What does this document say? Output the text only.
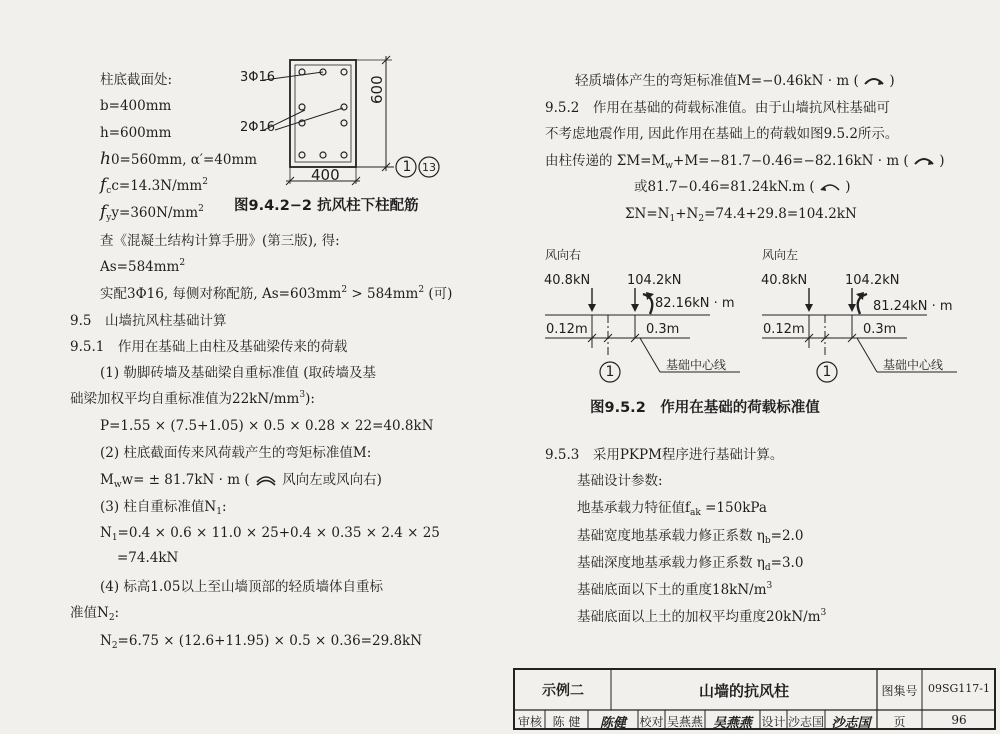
柱底截面处:
b=400mm
h=600mm
h0=560mm, α′=40mm
$f_cc=14.3N/mm^2$
$f_yy=360N/mm^2$
查《混凝土结构计算手册》(第三版), 得:
$As=584mm^2$
实配3Φ16, 每侧对称配筋, $As=603mm^2 > 584mm^2$ (可)
9.5　山墙抗风柱基础计算
9.5.1　作用在基础上由柱及基础梁传来的荷载
(1) 勒脚砖墙及基础梁自重标准值 (取砖墙及基
础梁加权平均自重标准值为$22kN/mm^3$):
P=1.55 × (7.5+1.05) × 0.5 × 0.28 × 22=40.8kN
(2) 柱底截面传来风荷载产生的弯矩标准值M:
$M_ww= \pm 81.7kN \cdot m$ ( 风向左或风向右)
(3) 柱自重标准值$N_1$:
$N_1=0.4 \times 0.6 \times 11.0 \times 25+0.4 \times 0.35 \times 2.4 \times 25$
=74.4kN
(4) 标高1.05以上至山墙顶部的轻质墙体自重标
准值$N_2$:
$N_2=6.75 \times (12.6+11.95) \times 0.5 \times 0.36=29.8kN$
3Φ16
2Φ16
600
400	1 13
图9.4.2−2 抗风柱下柱配筋
轻质墙体产生的弯矩标准值M=−0.46kN · m ( )
9.5.2　作用在基础的荷载标准值。由于山墙抗风柱基础可
不考虑地震作用, 因此作用在基础上的荷载如图9.5.2所示。
由柱传递的 $\Sigma M=M_w+M=-81.7-0.46=-82.16kN \cdot m$ ( )
或81.7−0.46=81.24kN.m ( )
$\Sigma N=N_1+N_2=74.4+29.8=104.2kN$
风向右	风向左
40.8kN	104.2kN
82.16kN · m
0.12m	0.3m
基础中心线
1
40.8kN	104.2kN
81.24kN · m
0.12m	0.3m
基础中心线
1
图9.5.2　作用在基础的荷载标准值
9.5.3　采用PKPM程序进行基础计算。
基础设计参数:
地基承载力特征值$f_{ak} =150kPa$
基础宽度地基承载力修正系数 $\eta_b=2.0$
基础深度地基承载力修正系数 $\eta_d=3.0$
基础底面以下土的重度$18kN/m^3$
基础底面以上土的加权平均重度$20kN/m^3$
示例二	山墙的抗风柱	图集号 09SG117-1
审核 陈 健	陈健	校对 吴燕燕 吴燕燕 设计 沙志国 沙志国	页	96
